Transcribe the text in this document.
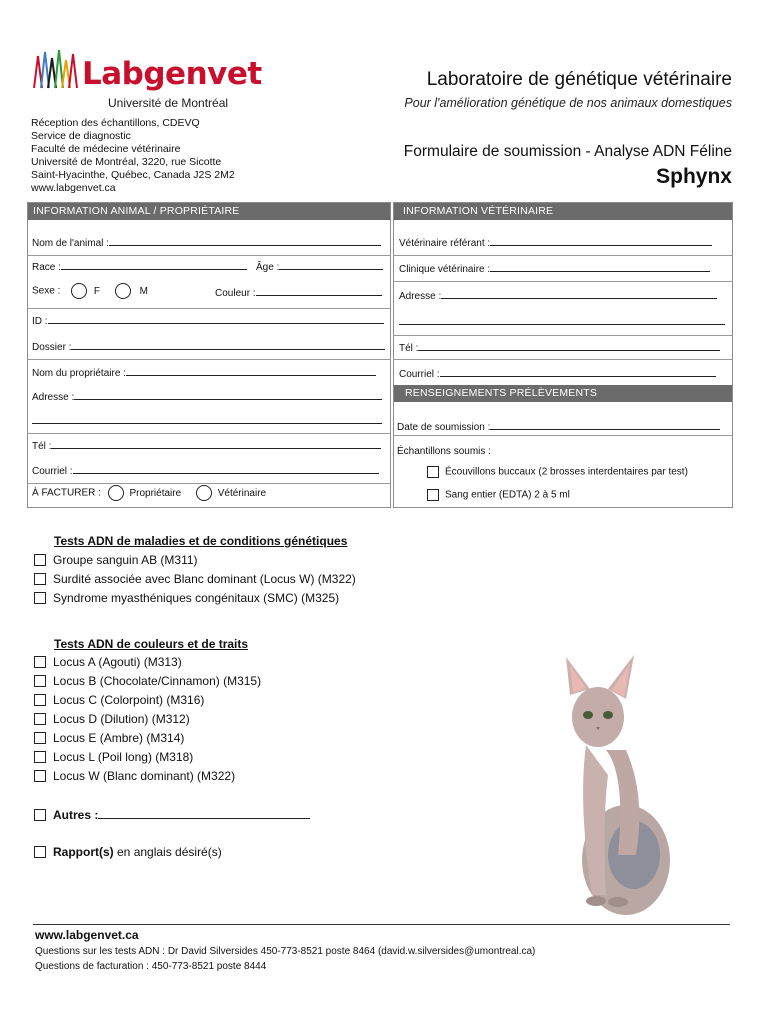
Labgenvet
Université de Montréal
Laboratoire de génétique vétérinaire
Pour l'amélioration génétique de nos animaux domestiques
Réception des échantillons, CDEVQ
Service de diagnostic
Faculté de médecine vétérinaire
Université de Montréal, 3220, rue Sicotte
Saint-Hyacinthe, Québec, Canada J2S 2M2
www.labgenvet.ca
Formulaire de soumission - Analyse ADN Féline
Sphynx
INFORMATION ANIMAL / PROPRIÉTAIRE
Nom de l'animal :
Race :	Âge :
Sexe :	F	M	Couleur :
ID :
Dossier :
Nom du propriétaire :
Adresse :
Tél :
Courriel :
À FACTURER :	Propriétaire	Vétérinaire
INFORMATION VÉTÉRINAIRE
Vétérinaire référant :
Clinique vétérinaire :
Adresse :
Tél :
Courriel :
RENSEIGNEMENTS PRÉLÈVEMENTS
Date de soumission :
Échantillons soumis :
Écouvillons buccaux (2 brosses interdentaires par test)
Sang entier (EDTA) 2 à 5 ml
Tests ADN de maladies et de conditions génétiques
Groupe sanguin AB (M311)
Surdité associée avec Blanc dominant (Locus W) (M322)
Syndrome myasthéniques congénitaux (SMC) (M325)
Tests ADN de couleurs et de traits
Locus A (Agouti) (M313)
Locus B (Chocolate/Cinnamon) (M315)
Locus C (Colorpoint) (M316)
Locus D (Dilution) (M312)
Locus E (Ambre) (M314)
Locus L (Poil long) (M318)
Locus W (Blanc dominant) (M322)
Autres :
Rapport(s) en anglais désiré(s)
www.labgenvet.ca
Questions sur les tests ADN : Dr David Silversides 450-773-8521 poste 8464 (david.w.silversides@umontreal.ca)
Questions de facturation : 450-773-8521 poste 8444
